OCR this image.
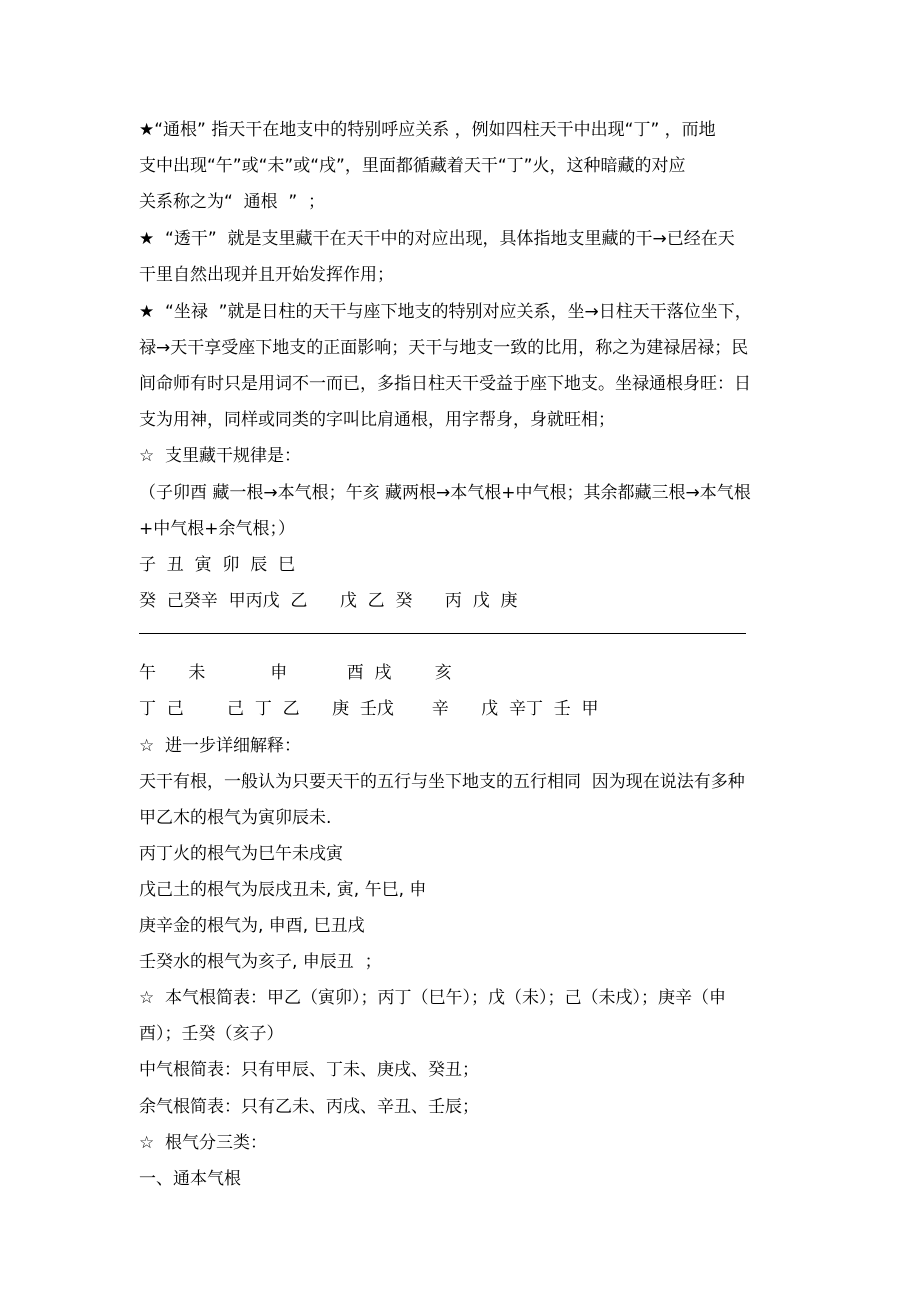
★“通根” 指天干在地支中的特别呼应关系 ，例如四柱天干中出现“丁” ，而地
支中出现“午”或“未”或“戌”，里面都循藏着天干“丁”火，这种暗藏的对应
关系称之为“  通根  ”  ；
★  “透干”  就是支里藏干在天干中的对应出现，具体指地支里藏的干→已经在天
干里自然出现并且开始发挥作用；
★  “坐禄  ”就是日柱的天干与座下地支的特别对应关系，坐→日柱天干落位坐下，
禄→天干享受座下地支的正面影响；天干与地支一致的比用，称之为建禄居禄；民
间命师有时只是用词不一而已，多指日柱天干受益于座下地支。坐禄通根身旺：日
支为用神，同样或同类的字叫比肩通根，用字帮身，身就旺相；
☆  支里藏干规律是：
（子卯酉 藏一根→本气根；午亥 藏两根→本气根+中气根；其余都藏三根→本气根
+中气根+余气根；）
子  丑  寅  卯  辰  巳
癸  己癸辛  甲丙戊  乙      戊  乙  癸      丙  戊  庚
午      未            申           酉  戌        亥
丁  己        己  丁  乙      庚  壬戊       辛      戊  辛丁  壬  甲
☆  进一步详细解释：
天干有根，一般认为只要天干的五行与坐下地支的五行相同  因为现在说法有多种
甲乙木的根气为寅卯辰未.
丙丁火的根气为巳午未戌寅
戊己土的根气为辰戌丑未, 寅, 午巳, 申
庚辛金的根气为, 申酉, 巳丑戌
壬癸水的根气为亥子, 申辰丑  ；
☆  本气根简表：甲乙（寅卯）；丙丁（巳午）；戊（未）；己（未戌）；庚辛（申
酉）；壬癸（亥子）
中气根简表：只有甲辰、丁未、庚戌、癸丑；
余气根简表：只有乙未、丙戌、辛丑、壬辰；
☆  根气分三类：
一、通本气根
